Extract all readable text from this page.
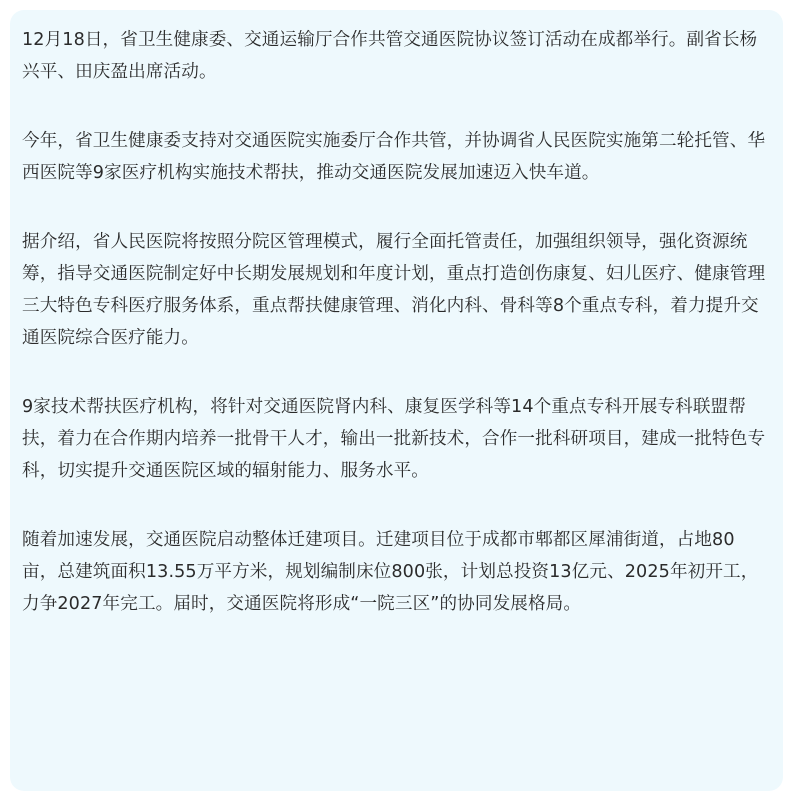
12月18日，省卫生健康委、交通运输厅合作共管交通医院协议签订活动在成都举行。副省长杨兴平、田庆盈出席活动。

今年，省卫生健康委支持对交通医院实施委厅合作共管，并协调省人民医院实施第二轮托管、华西医院等9家医疗机构实施技术帮扶，推动交通医院发展加速迈入快车道。

据介绍，省人民医院将按照分院区管理模式，履行全面托管责任，加强组织领导，强化资源统筹，指导交通医院制定好中长期发展规划和年度计划，重点打造创伤康复、妇儿医疗、健康管理三大特色专科医疗服务体系，重点帮扶健康管理、消化内科、骨科等8个重点专科，着力提升交通医院综合医疗能力。

9家技术帮扶医疗机构，将针对交通医院肾内科、康复医学科等14个重点专科开展专科联盟帮扶，着力在合作期内培养一批骨干人才，输出一批新技术，合作一批科研项目，建成一批特色专科，切实提升交通医院区域的辐射能力、服务水平。

随着加速发展，交通医院启动整体迁建项目。迁建项目位于成都市郫都区犀浦街道，占地80亩，总建筑面积13.55万平方米，规划编制床位800张，计划总投资13亿元、2025年初开工，力争2027年完工。届时，交通医院将形成“一院三区”的协同发展格局。
